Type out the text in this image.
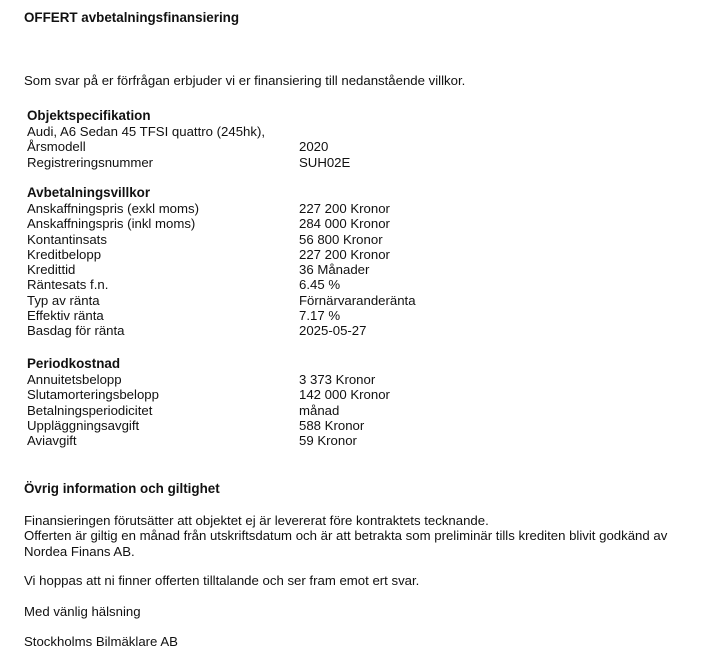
OFFERT avbetalningsfinansiering
Som svar på er förfrågan erbjuder vi er finansiering till nedanstående villkor.
Objektspecifikation
Audi, A6 Sedan 45 TFSI quattro (245hk),
Årsmodell	2020
Registreringsnummer	SUH02E
Avbetalningsvillkor
Anskaffningspris (exkl moms)	227 200 Kronor
Anskaffningspris (inkl moms)	284 000 Kronor
Kontantinsats	56 800 Kronor
Kreditbelopp	227 200 Kronor
Kredittid	36 Månader
Räntesats f.n.	6.45 %
Typ av ränta	Förnärvaranderänta
Effektiv ränta	7.17 %
Basdag för ränta	2025-05-27
Periodkostnad
Annuitetsbelopp	3 373 Kronor
Slutamorteringsbelopp	142 000 Kronor
Betalningsperiodicitet	månad
Uppläggningsavgift	588 Kronor
Aviavgift	59 Kronor
Övrig information och giltighet
Finansieringen förutsätter att objektet ej är levererat före kontraktets tecknande.
Offerten är giltig en månad från utskriftsdatum och är att betrakta som preliminär tills krediten blivit godkänd av
Nordea Finans AB.
Vi hoppas att ni finner offerten tilltalande och ser fram emot ert svar.
Med vänlig hälsning
Stockholms Bilmäklare AB
